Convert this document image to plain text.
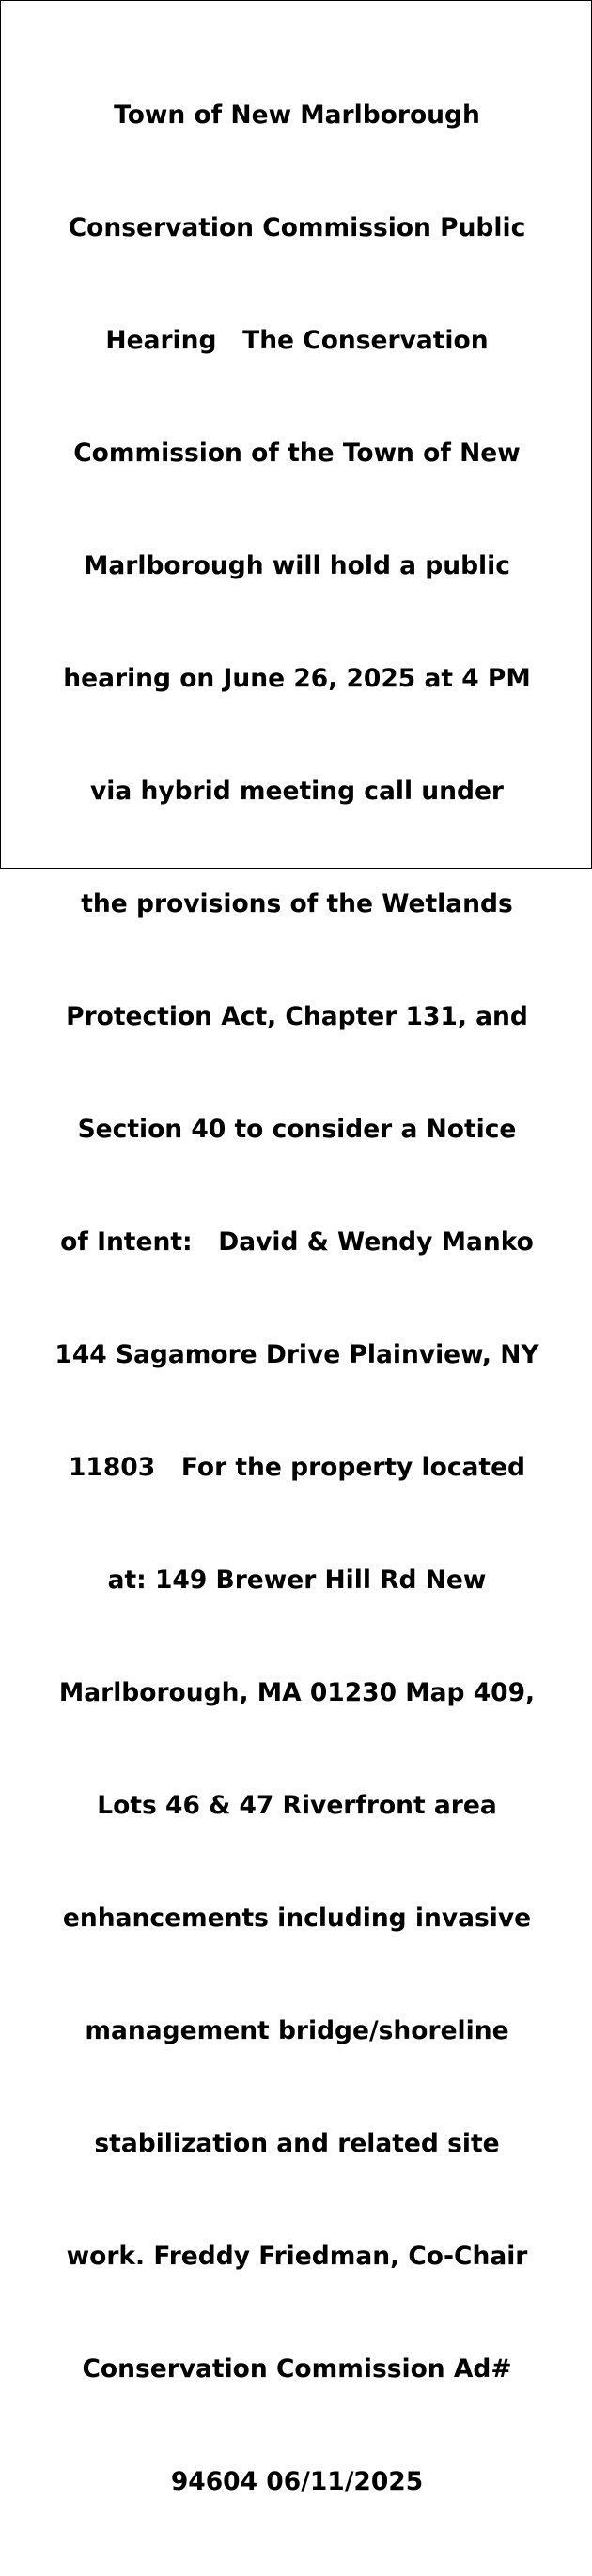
Town of New Marlborough

Conservation Commission Public

Hearing   The Conservation

Commission of the Town of New

Marlborough will hold a public

hearing on June 26, 2025 at 4 PM

via hybrid meeting call under

the provisions of the Wetlands

Protection Act, Chapter 131, and

Section 40 to consider a Notice

of Intent:   David & Wendy Manko

144 Sagamore Drive Plainview, NY

11803   For the property located

at: 149 Brewer Hill Rd New

Marlborough, MA 01230 Map 409,

Lots 46 & 47 Riverfront area

enhancements including invasive

management bridge/shoreline

stabilization and related site

work. Freddy Friedman, Co-Chair

Conservation Commission Ad#

94604 06/11/2025
